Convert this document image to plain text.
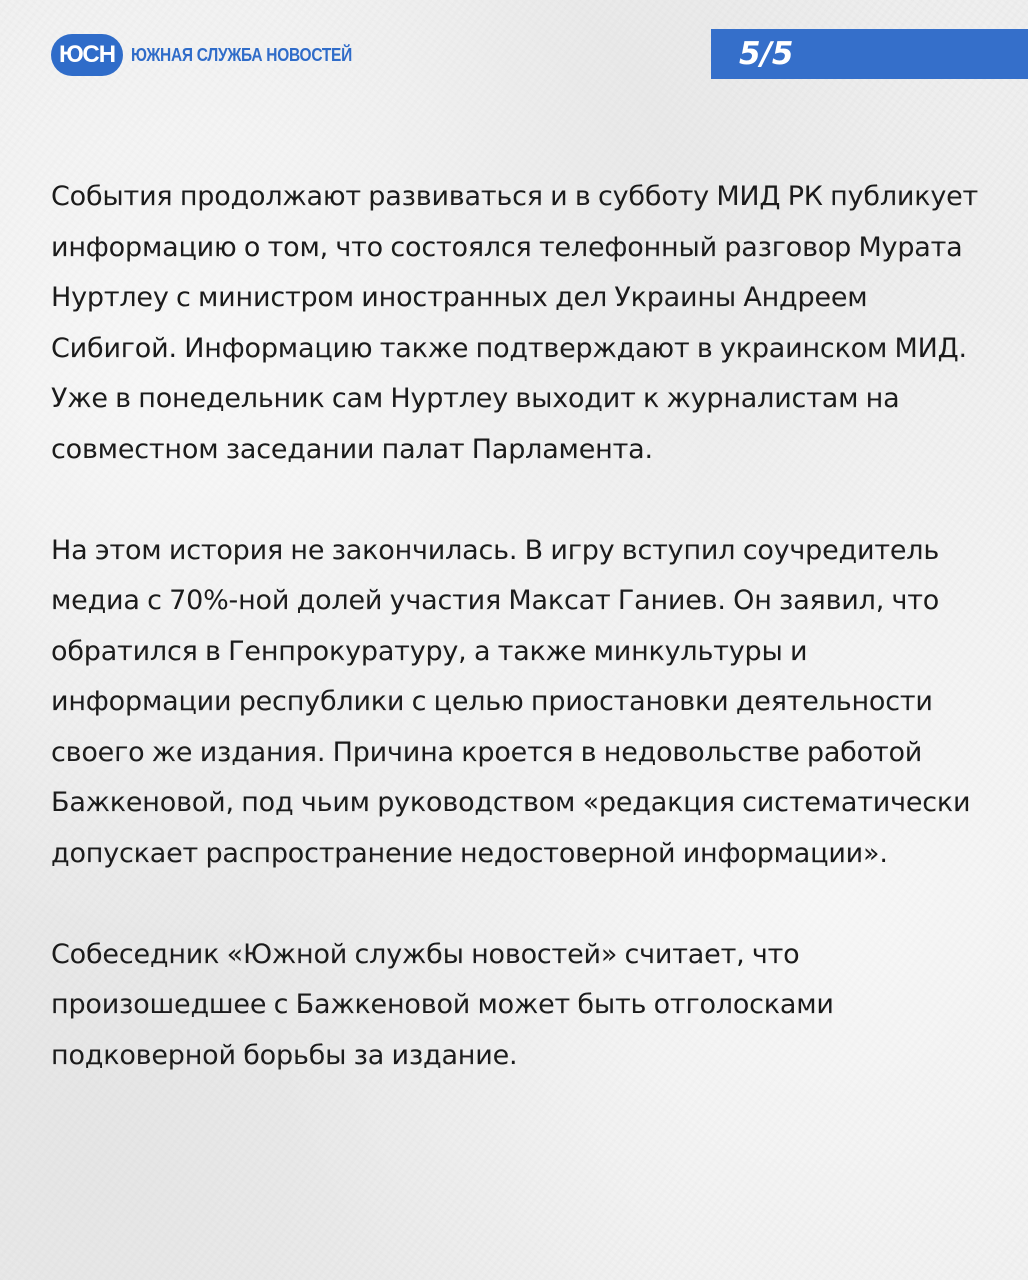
ЮСН ЮЖНАЯ СЛУЖБА НОВОСТЕЙ	5/5

События продолжают развиваться и в субботу МИД РК публикует информацию о том, что состоялся телефонный разговор Мурата Нуртлеу с министром иностранных дел Украины Андреем Сибигой. Информацию также подтверждают в украинском МИД. Уже в понедельник сам Нуртлеу выходит к журналистам на совместном заседании палат Парламента.

На этом история не закончилась. В игру вступил соучредитель медиа с 70%-ной долей участия Максат Ганиев. Он заявил, что обратился в Генпрокуратуру, а также минкультуры и информации республики с целью приостановки деятельности своего же издания. Причина кроется в недовольстве работой Бажкеновой, под чьим руководством «редакция систематически допускает распространение недостоверной информации».

Собеседник «Южной службы новостей» считает, что произошедшее с Бажкеновой может быть отголосками подковерной борьбы за издание.
